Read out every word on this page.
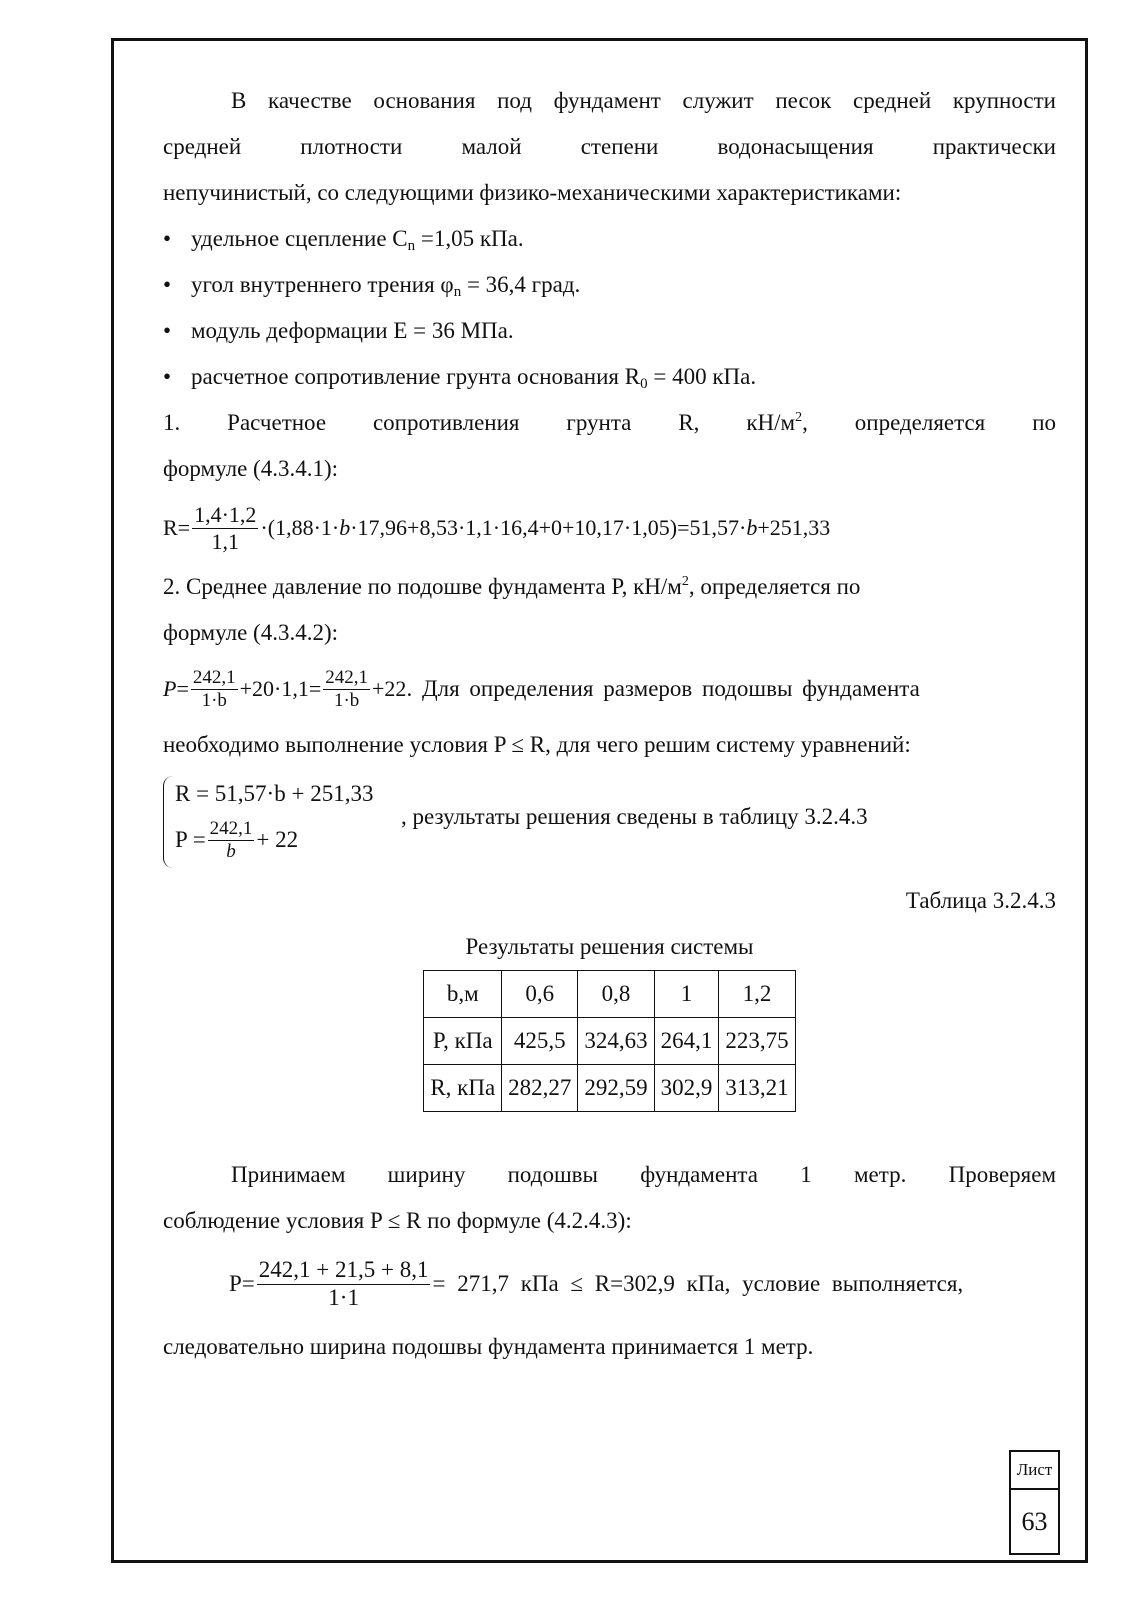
В качестве основания под фундамент служит песок средней крупности

средней плотности малой степени водонасыщения практически

непучинистый, со следующими физико-механическими характеристиками:

• удельное сцепление $C_n =1,05$ кПа.
• угол внутреннего трения $\varphi_n = 36,4$ град.
• модуль деформации E = 36 МПа.
• расчетное сопротивление грунта основания $R_0 = 400$ кПа.

1. Расчетное сопротивления грунта R, $кН/м^2$, определяется по

формуле (4.3.4.1):

$R= \frac{1,4\cdot 1,2}{1,1} \cdot(1,88\cdot 1\cdot b \cdot 17,96+8,53\cdot 1,1\cdot 16,4+0+10,17\cdot 1,05)=51,57\cdot b +251,33$

2. Среднее давление по подошве фундамента P, $кН/м^2$, определяется по

формуле (4.3.4.2):

$P = \frac{242,1}{1\cdot b} +20\cdot 1,1= \frac{242,1}{1\cdot b} +22$ . Для определения размеров подошвы фундамента

необходимо выполнение условия P ≤ R, для чего решим систему уравнений:

R = 51,57·b + 251,33
$P = \frac{242,1}{b} + 22$
, результаты решения сведены в таблицу 3.2.4.3

Таблица 3.2.4.3

Результаты решения системы

b,м	0,6	0,8	1	1,2
P, кПа	425,5	324,63	264,1	223,75
R, кПа	282,27	292,59	302,9	313,21

Принимаем ширину подошвы фундамента 1 метр. Проверяем

соблюдение условия P ≤ R по формуле (4.2.4.3):

$P= \frac{242,1 + 21,5 + 8,1}{1\cdot 1} = 271,7$ кПа ≤ R=302,9 кПа, условие выполняется,

следовательно ширина подошвы фундамента принимается 1 метр.

Лист
63
